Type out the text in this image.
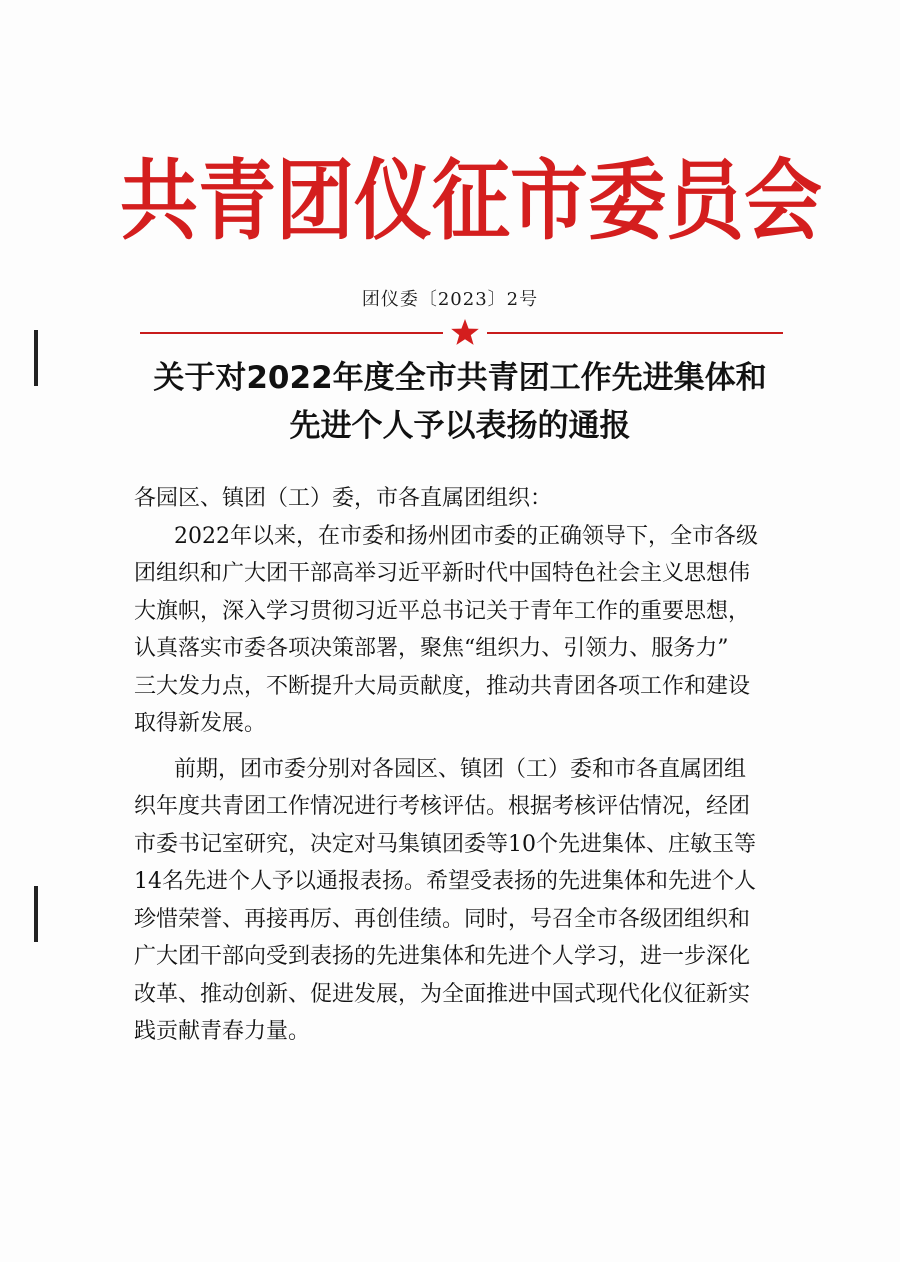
共青团仪征市委员会
团仪委〔2023〕2号
关于对2022年度全市共青团工作先进集体和
先进个人予以表扬的通报
各园区、镇团（工）委，市各直属团组织：
2022年以来，在市委和扬州团市委的正确领导下，全市各级
团组织和广大团干部高举习近平新时代中国特色社会主义思想伟
大旗帜，深入学习贯彻习近平总书记关于青年工作的重要思想，
认真落实市委各项决策部署，聚焦“组织力、引领力、服务力”
三大发力点，不断提升大局贡献度，推动共青团各项工作和建设
取得新发展。
前期，团市委分别对各园区、镇团（工）委和市各直属团组
织年度共青团工作情况进行考核评估。根据考核评估情况，经团
市委书记室研究，决定对马集镇团委等10个先进集体、庄敏玉等
14名先进个人予以通报表扬。希望受表扬的先进集体和先进个人
珍惜荣誉、再接再厉、再创佳绩。同时，号召全市各级团组织和
广大团干部向受到表扬的先进集体和先进个人学习，进一步深化
改革、推动创新、促进发展，为全面推进中国式现代化仪征新实
践贡献青春力量。
